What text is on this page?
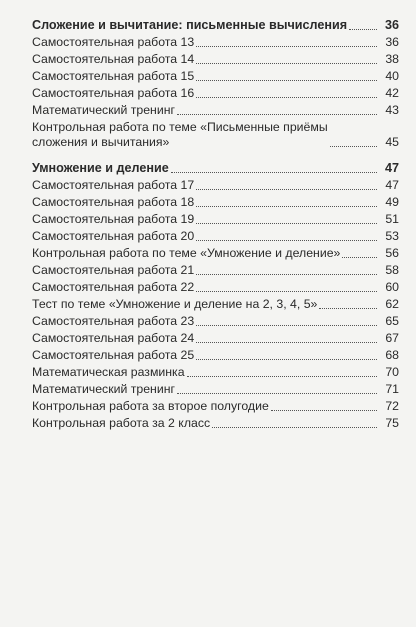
Сложение и вычитание: письменные вычисления	36
Самостоятельная работа 13	36
Самостоятельная работа 14	38
Самостоятельная работа 15	40
Самостоятельная работа 16	42
Математический тренинг	43
Контрольная работа по теме «Письменные приёмы
сложения и вычитания»	45
Умножение и деление	47
Самостоятельная работа 17	47
Самостоятельная работа 18	49
Самостоятельная работа 19	51
Самостоятельная работа 20	53
Контрольная работа по теме «Умножение и деление»	56
Самостоятельная работа 21	58
Самостоятельная работа 22	60
Тест по теме «Умножение и деление на 2, 3, 4, 5»	62
Самостоятельная работа 23	65
Самостоятельная работа 24	67
Самостоятельная работа 25	68
Математическая разминка	70
Математический тренинг	71
Контрольная работа за второе полугодие	72
Контрольная работа за 2 класс	75
